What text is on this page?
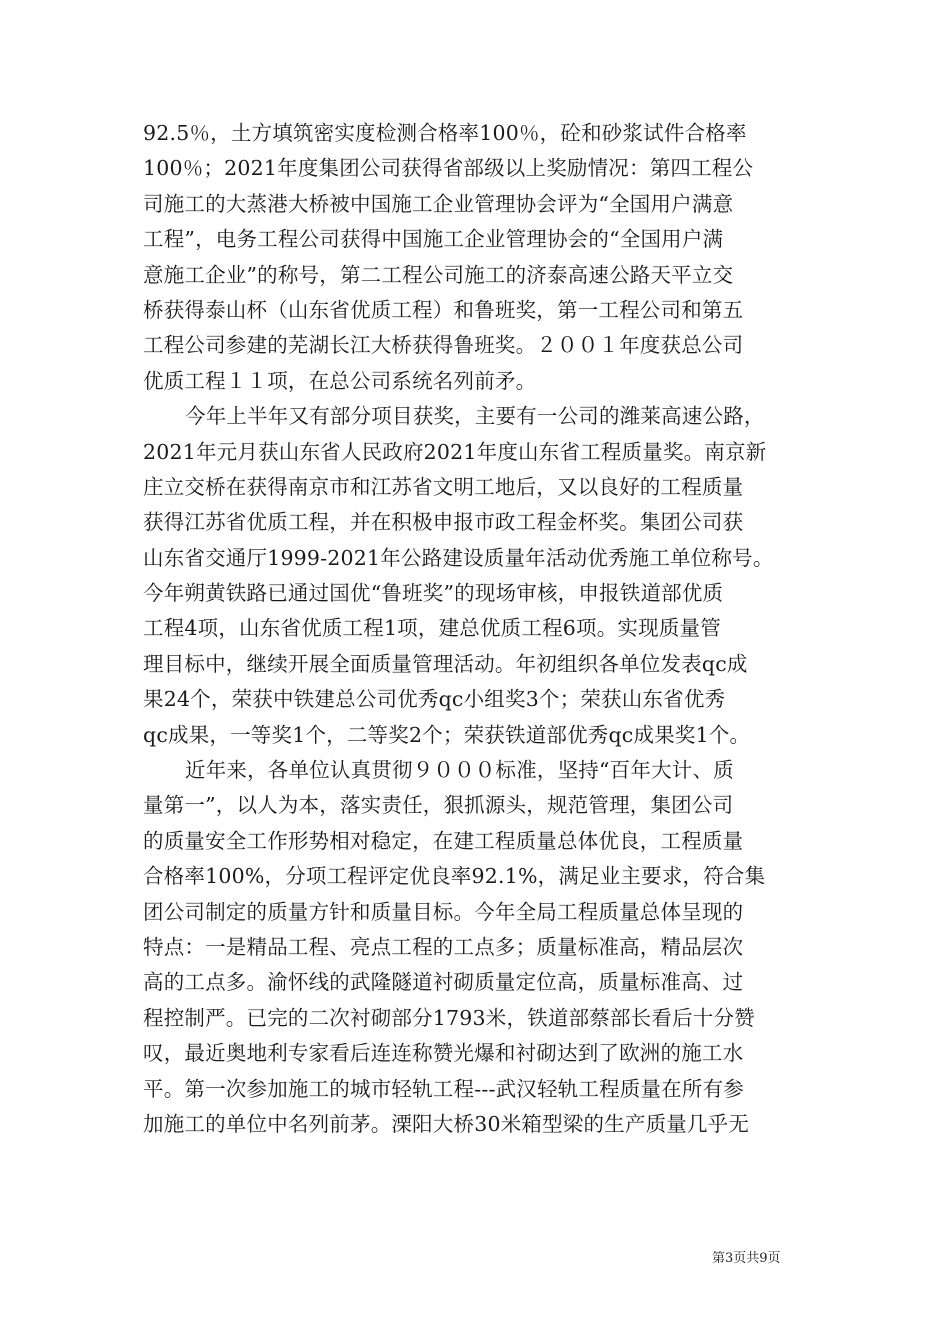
92.5％，土方填筑密实度检测合格率100％，砼和砂浆试件合格率
100％；2021年度集团公司获得省部级以上奖励情况：第四工程公
司施工的大蒸港大桥被中国施工企业管理协会评为“全国用户满意
工程”，电务工程公司获得中国施工企业管理协会的“全国用户满
意施工企业”的称号，第二工程公司施工的济泰高速公路天平立交
桥获得泰山杯（山东省优质工程）和鲁班奖，第一工程公司和第五
工程公司参建的芜湖长江大桥获得鲁班奖。２００１年度获总公司
优质工程１１项，在总公司系统名列前矛。
今年上半年又有部分项目获奖，主要有一公司的潍莱高速公路，
2021年元月获山东省人民政府2021年度山东省工程质量奖。南京新
庄立交桥在获得南京市和江苏省文明工地后，又以良好的工程质量
获得江苏省优质工程，并在积极申报市政工程金杯奖。集团公司获
山东省交通厅1999-2021年公路建设质量年活动优秀施工单位称号。
今年朔黄铁路已通过国优“鲁班奖”的现场审核，申报铁道部优质
工程4项，山东省优质工程1项，建总优质工程6项。实现质量管
理目标中，继续开展全面质量管理活动。年初组织各单位发表qc成
果24个，荣获中铁建总公司优秀qc小组奖3个；荣获山东省优秀
qc成果，一等奖1个，二等奖2个；荣获铁道部优秀qc成果奖1个。
近年来，各单位认真贯彻９０００标准，坚持“百年大计、质
量第一”，以人为本，落实责任，狠抓源头，规范管理，集团公司
的质量安全工作形势相对稳定，在建工程质量总体优良，工程质量
合格率100%，分项工程评定优良率92.1%，满足业主要求，符合集
团公司制定的质量方针和质量目标。今年全局工程质量总体呈现的
特点：一是精品工程、亮点工程的工点多；质量标准高，精品层次
高的工点多。渝怀线的武隆隧道衬砌质量定位高，质量标准高、过
程控制严。已完的二次衬砌部分1793米，铁道部蔡部长看后十分赞
叹，最近奥地利专家看后连连称赞光爆和衬砌达到了欧洲的施工水
平。第一次参加施工的城市轻轨工程---武汉轻轨工程质量在所有参
加施工的单位中名列前茅。溧阳大桥30米箱型梁的生产质量几乎无
第3页共9页
